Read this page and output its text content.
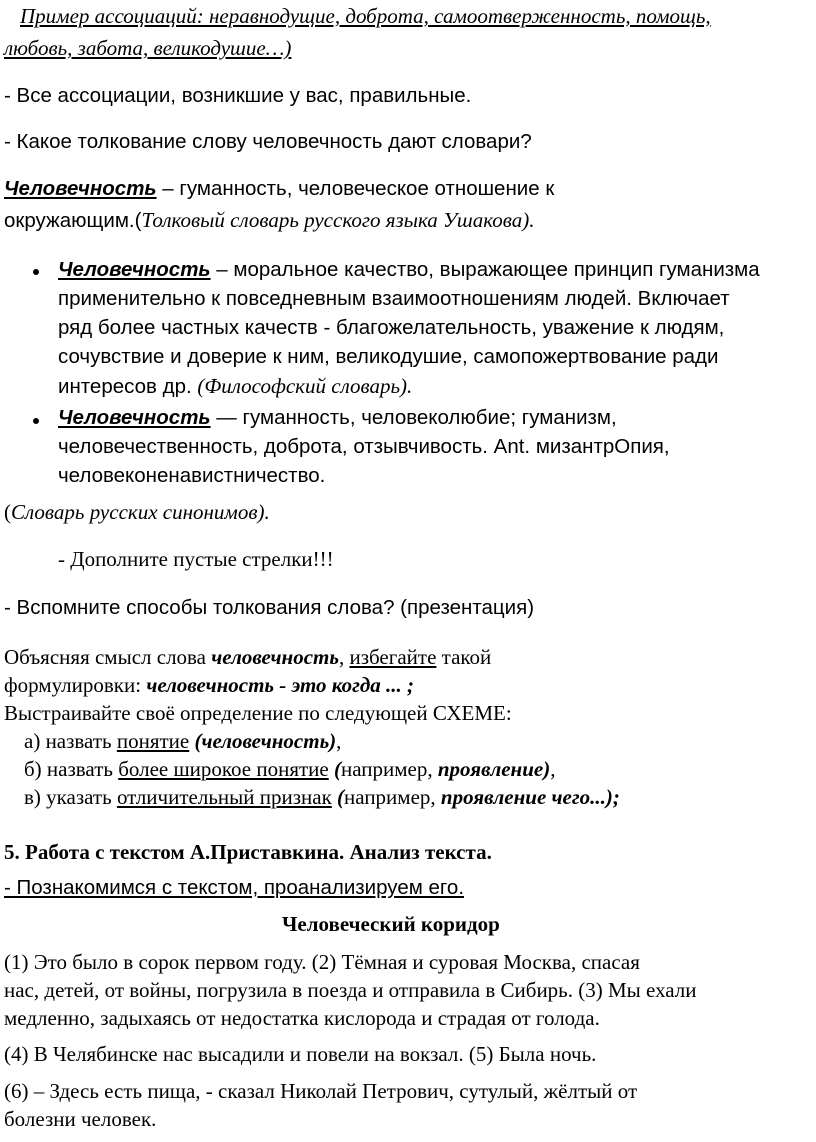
Пример ассоциаций: неравнодущие, доброта, самоотверженность, помощь,
любовь, забота, великодушие…)
- Все ассоциации, возникшие у вас, правильные.
- Какое толкование слову человечность дают словари?
Человечность – гуманность, человеческое отношение к
окружающим.(Толковый словарь русского языка Ушакова).
Человечность – моральное качество, выражающее принцип гуманизма
применительно к повседневным взаимоотношениям людей. Включает
ряд более частных качеств - благожелательность, уважение к людям,
сочувствие и доверие к ним, великодушие, самопожертвование ради
интересов др. (Философский словарь).
Человечность — гуманность, человеколюбие; гуманизм,
человечественность, доброта, отзывчивость. Ant. мизантрОпия,
человеконенавистничество.
(Словарь русских синонимов).
- Дополните пустые стрелки!!!
- Вспомните способы толкования слова? (презентация)
Объясняя смысл слова человечность, избегайте такой
формулировки: человечность - это когда ... ;
Выстраивайте своё определение по следующей СХЕМЕ:
а) назвать понятие (человечность),
б) назвать более широкое понятие (например, проявление),
в) указать отличительный признак (например, проявление чего...);
5. Работа с текстом А.Приставкина. Анализ текста.
- Познакомимся с текстом, проанализируем его.
Человеческий коридор
(1) Это было в сорок первом году. (2) Тёмная и суровая Москва, спасая
нас, детей, от войны, погрузила в поезда и отправила в Сибирь. (3) Мы ехали
медленно, задыхаясь от недостатка кислорода и страдая от голода.
(4) В Челябинске нас высадили и повели на вокзал. (5) Была ночь.
(6) – Здесь есть пища, - сказал Николай Петрович, сутулый, жёлтый от
болезни человек.
